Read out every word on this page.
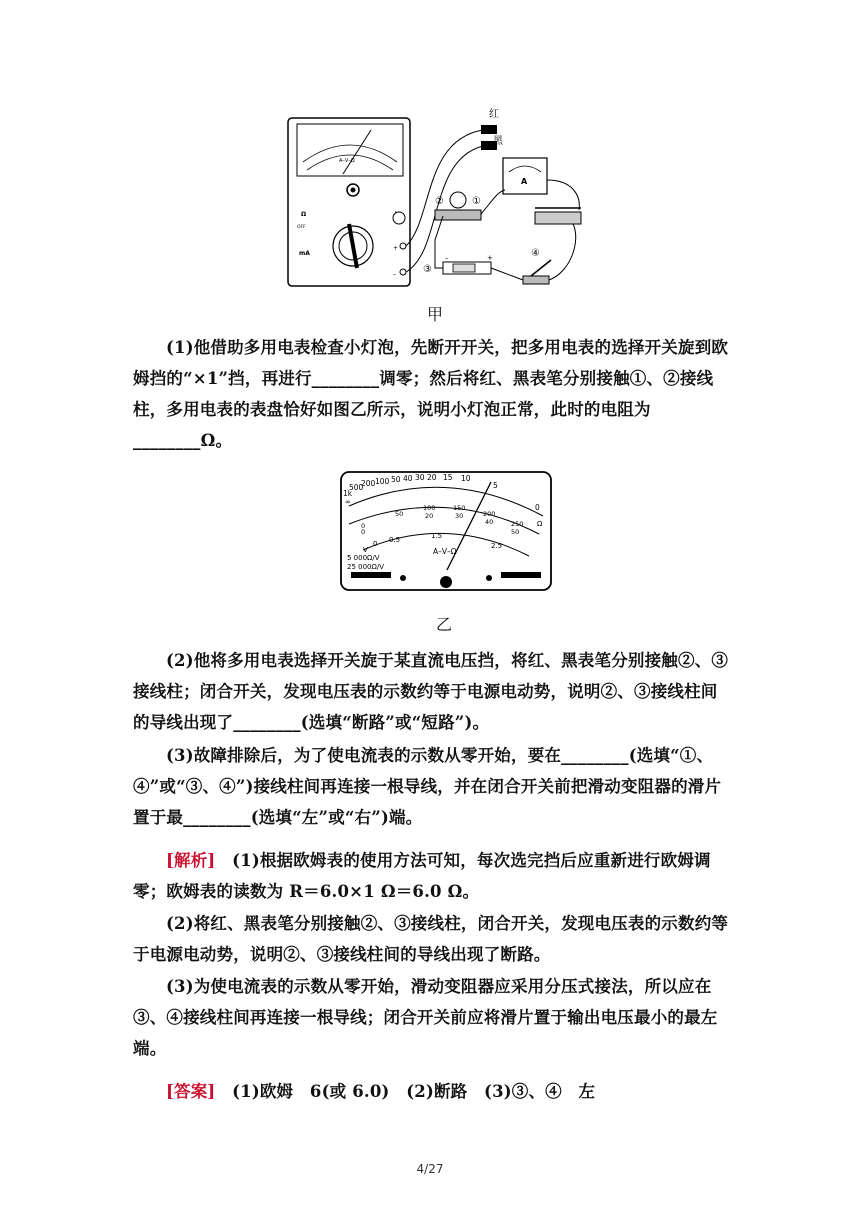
A–V–Ω
Ω
mA
OFF
+
–
红
黑
②	①
A
④
–	+
③
甲

(1)他借助多用电表检查小灯泡，先断开开关，把多用电表的选择开关旋到欧姆挡的“×1”挡，再进行________调零；然后将红、黑表笔分别接触①、②接线柱，多用电表的表盘恰好如图乙所示，说明小灯泡正常，此时的电阻为________Ω。

1k
500
200 100 50 40 30 20 15 10
5
0
∞
Ω
0
50
100	150
200
250
0
20	30
40
50
0 0.5	1.5
2.5
V	A–V–Ω
5 000Ω/V
25 000Ω/V
乙

(2)他将多用电表选择开关旋于某直流电压挡，将红、黑表笔分别接触②、③接线柱；闭合开关，发现电压表的示数约等于电源电动势，说明②、③接线柱间的导线出现了________(选填“断路”或“短路”)。

(3)故障排除后，为了使电流表的示数从零开始，要在________(选填“①、④”或“③、④”)接线柱间再连接一根导线，并在闭合开关前把滑动变阻器的滑片置于最________(选填“左”或“右”)端。

[解析]　 (1)根据欧姆表的使用方法可知，每次选完挡后应重新进行欧姆调零；欧姆表的读数为 R＝6.0×1 Ω＝6.0 Ω。

(2)将红、黑表笔分别接触②、③接线柱，闭合开关，发现电压表的示数约等于电源电动势，说明②、③接线柱间的导线出现了断路。

(3)为使电流表的示数从零开始，滑动变阻器应采用分压式接法，所以应在③、④接线柱间再连接一根导线；闭合开关前应将滑片置于输出电压最小的最左端。

[答案]　 (1)欧姆　6(或 6.0)　(2)断路　(3)③、④　左

4/27
